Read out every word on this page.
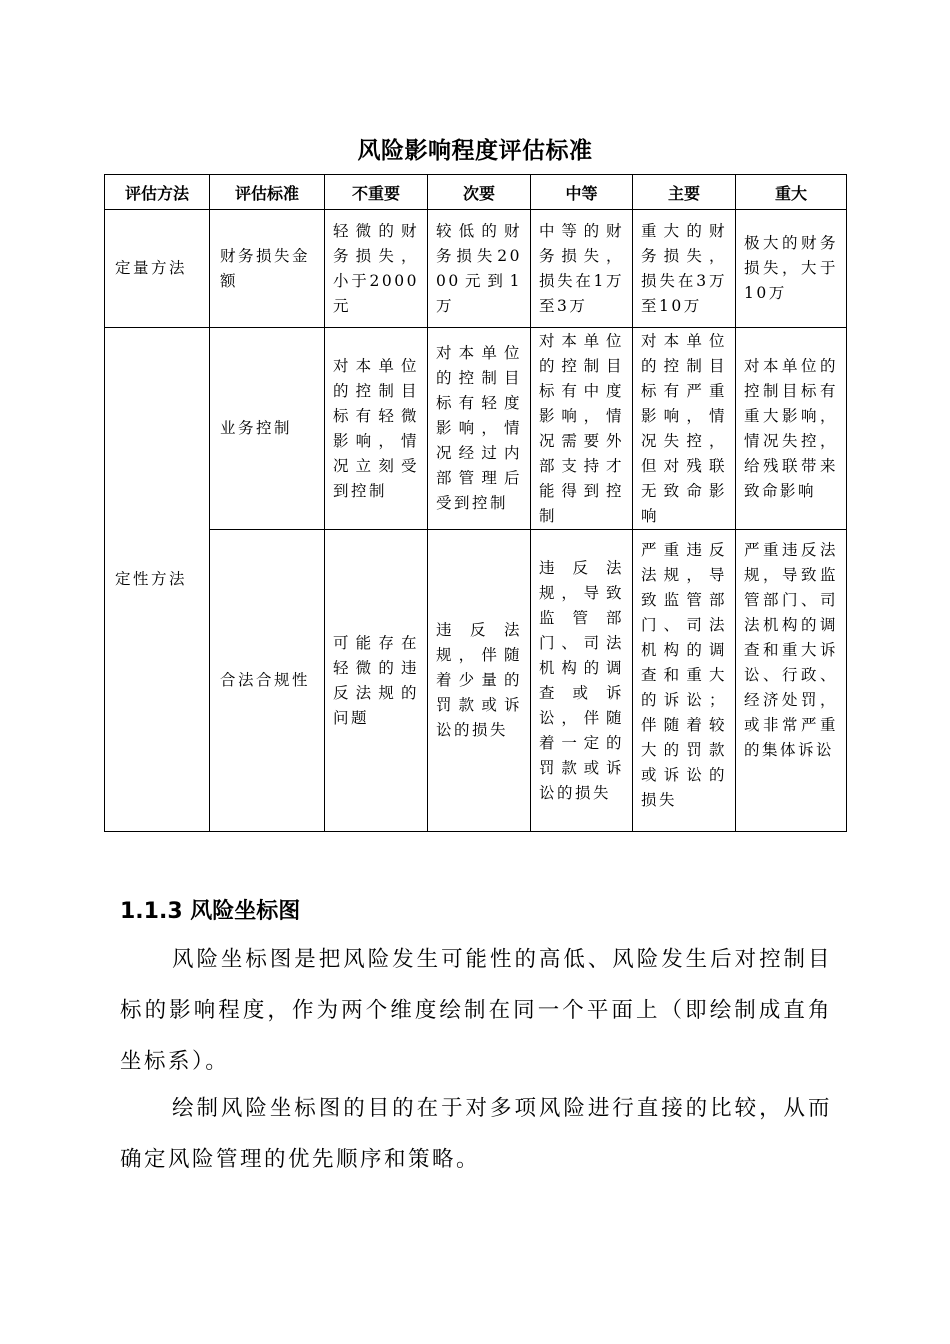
风险影响程度评估标准
评估方法	评估标准	不重要	次要	中等	主要	重大
定量方法	财务损失金额	轻微的财务损失，小于2000元	较低的财务损失2000元到1万	中等的财务损失，损失在1万至3万	重大的财务损失，损失在3万至10万	极大的财务损失，大于10万
定性方法	业务控制	对本单位的控制目标有轻微影响，情况立刻受到控制	对本单位的控制目标有轻度影响，情况经过内部管理后受到控制	对本单位的控制目标有中度影响，情况需要外部支持才能得到控制	对本单位的控制目标有严重影响，情况失控，但对残联无致命影响	对本单位的控制目标有重大影响，情况失控，给残联带来致命影响
	合法合规性	可能存在轻微的违反法规的问题	违反法规，伴随着少量的罚款或诉讼的损失	违反法规，导致监管部门、司法机构的调查或诉讼，伴随着一定的罚款或诉讼的损失	严重违反法规，导致监管部门、司法机构的调查和重大的诉讼；伴随着较大的罚款或诉讼的损失	严重违反法规，导致监管部门、司法机构的调查和重大诉讼、行政、经济处罚，或非常严重的集体诉讼
1.1.3 风险坐标图

风险坐标图是把风险发生可能性的高低、风险发生后对控制目标的影响程度，作为两个维度绘制在同一个平面上（即绘制成直角坐标系）。

绘制风险坐标图的目的在于对多项风险进行直接的比较，从而确定风险管理的优先顺序和策略。
